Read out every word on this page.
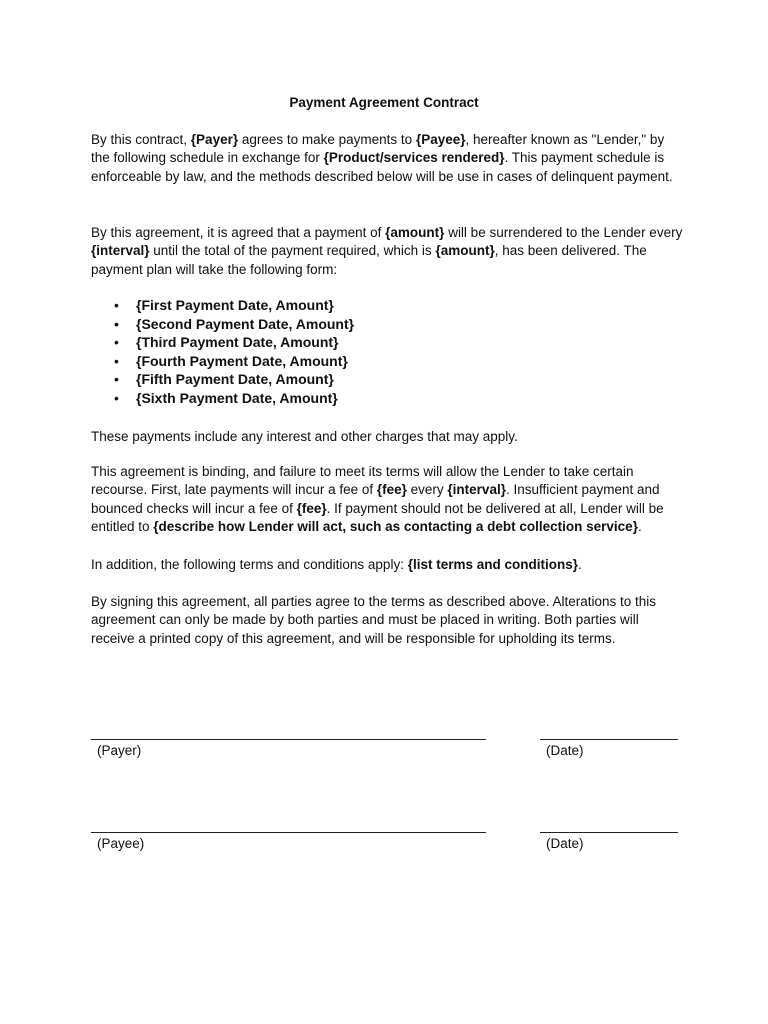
Payment Agreement Contract

By this contract, {Payer} agrees to make payments to {Payee}, hereafter known as "Lender," by the following schedule in exchange for {Product/services rendered}. This payment schedule is enforceable by law, and the methods described below will be use in cases of delinquent payment.

By this agreement, it is agreed that a payment of {amount} will be surrendered to the Lender every {interval} until the total of the payment required, which is {amount}, has been delivered. The payment plan will take the following form:

• {First Payment Date, Amount}
• {Second Payment Date, Amount}
• {Third Payment Date, Amount}
• {Fourth Payment Date, Amount}
• {Fifth Payment Date, Amount}
• {Sixth Payment Date, Amount}

These payments include any interest and other charges that may apply.

This agreement is binding, and failure to meet its terms will allow the Lender to take certain recourse. First, late payments will incur a fee of {fee} every {interval}. Insufficient payment and bounced checks will incur a fee of {fee}. If payment should not be delivered at all, Lender will be entitled to {describe how Lender will act, such as contacting a debt collection service}.

In addition, the following terms and conditions apply: {list terms and conditions}.

By signing this agreement, all parties agree to the terms as described above. Alterations to this agreement can only be made by both parties and must be placed in writing. Both parties will receive a printed copy of this agreement, and will be responsible for upholding its terms.

(Payer)	(Date)
(Payee)	(Date)
